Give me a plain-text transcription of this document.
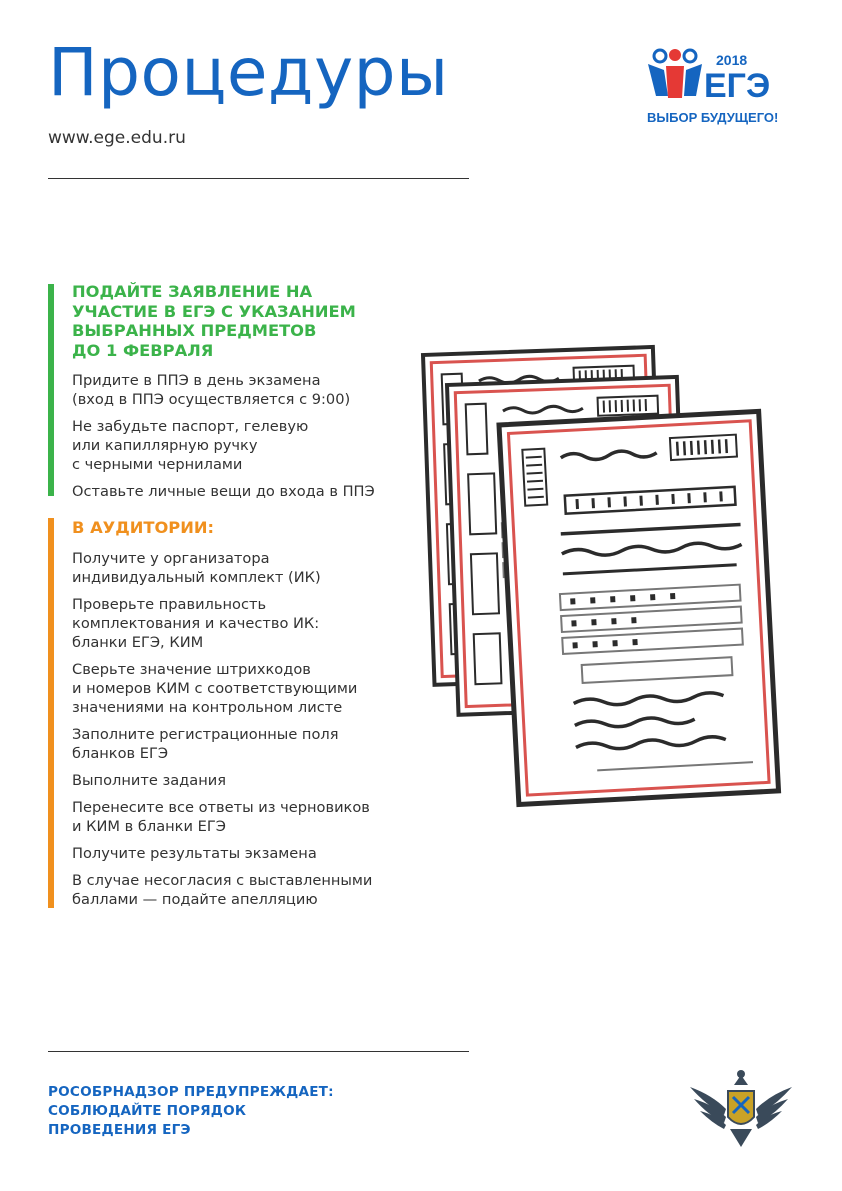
Процедуры
www.ege.edu.ru
2018
ЕГЭ
ВЫБОР БУДУЩЕГО!
ПОДАЙТЕ ЗАЯВЛЕНИЕ НА
УЧАСТИЕ В ЕГЭ С УКАЗАНИЕМ
ВЫБРАННЫХ ПРЕДМЕТОВ
ДО 1 ФЕВРАЛЯ
Придите в ППЭ в день экзамена
(вход в ППЭ осуществляется с 9:00)
Не забудьте паспорт, гелевую
или капиллярную ручку
с черными чернилами
Оставьте личные вещи до входа в ППЭ
В АУДИТОРИИ:
Получите у организатора
индивидуальный комплект (ИК)
Проверьте правильность
комплектования и качество ИК:
бланки ЕГЭ, КИМ
Сверьте значение штрихкодов
и номеров КИМ с соответствующими
значениями на контрольном листе
Заполните регистрационные поля
бланков ЕГЭ
Выполните задания
Перенесите все ответы из черновиков
и КИМ в бланки ЕГЭ
Получите результаты экзамена
В случае несогласия с выставленными
баллами — подайте апелляцию
РОСОБРНАДЗОР ПРЕДУПРЕЖДАЕТ:
СОБЛЮДАЙТЕ ПОРЯДОК
ПРОВЕДЕНИЯ ЕГЭ
